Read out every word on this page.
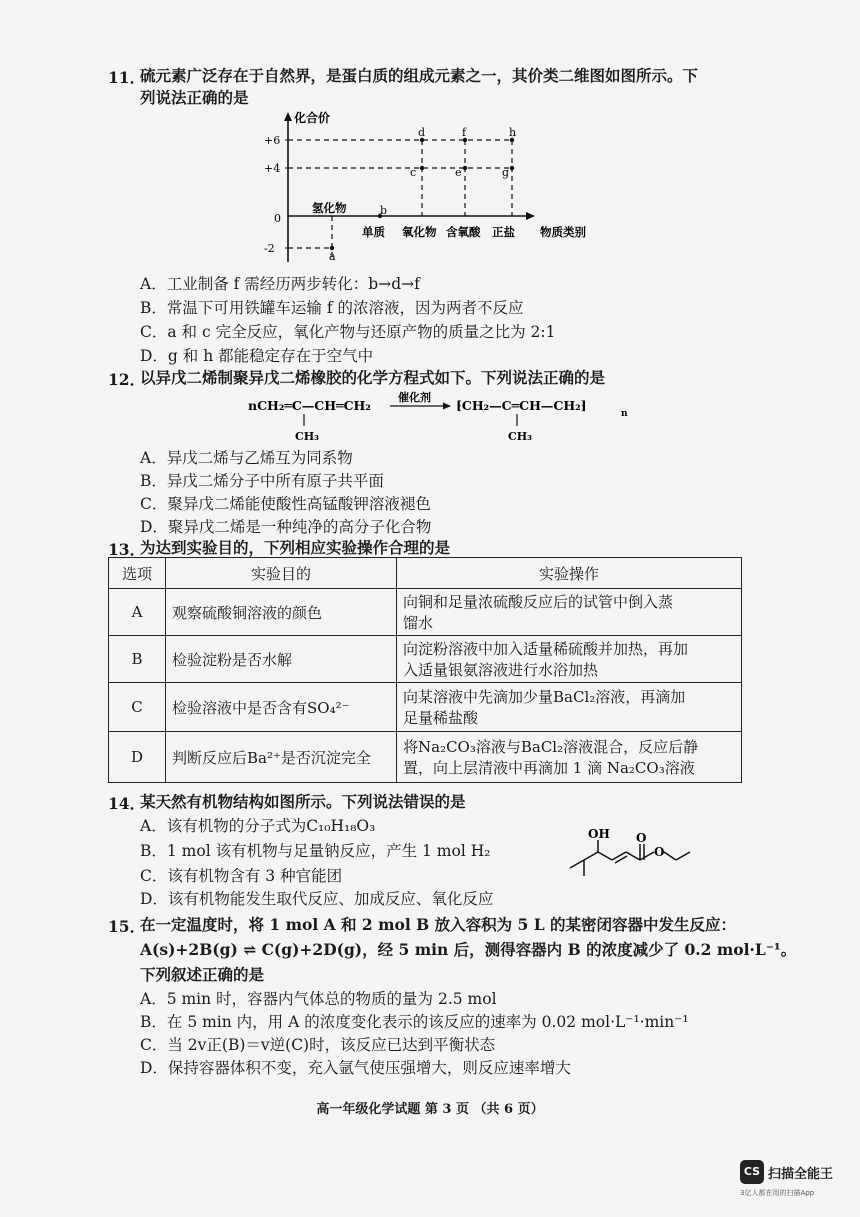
11．
硫元素广泛存在于自然界，是蛋白质的组成元素之一，其价类二维图如图所示。下
列说法正确的是
化合价
+6
+4
0
-2
a
b
c
d
e
f
g
h
氢化物
单质 氧化物 含氧酸 正盐 物质类别
A．工业制备 f 需经历两步转化：b→d→f
B．常温下可用铁罐车运输 f 的浓溶液，因为两者不反应
C．a 和 c 完全反应，氧化产物与还原产物的质量之比为 2:1
D．g 和 h 都能稳定存在于空气中
12．
以异戊二烯制聚异戊二烯橡胶的化学方程式如下。下列说法正确的是
nCH₂═C—CH═CH₂
催化剂
⁅CH₂—C═CH—CH₂⁆
n
CH₃	CH₃
A．异戊二烯与乙烯互为同系物
B．异戊二烯分子中所有原子共平面
C．聚异戊二烯能使酸性高锰酸钾溶液褪色
D．聚异戊二烯是一种纯净的高分子化合物
13．
为达到实验目的，下列相应实验操作合理的是
选项	实验目的	实验操作
A	观察硫酸铜溶液的颜色	向铜和足量浓硫酸反应后的试管中倒入蒸
馏水

B	检验淀粉是否水解	向淀粉溶液中加入适量稀硫酸并加热，再加
入适量银氨溶液进行水浴加热

C	检验溶液中是否含有SO₄²⁻	向某溶液中先滴加少量BaCl₂溶液，再滴加
足量稀盐酸

D	判断反应后Ba²⁺是否沉淀完全	将Na₂CO₃溶液与BaCl₂溶液混合，反应后静
置，向上层清液中再滴加 1 滴 Na₂CO₃溶液
14．
某天然有机物结构如图所示。下列说法错误的是
A．该有机物的分子式为C₁₀H₁₈O₃
B．1 mol 该有机物与足量钠反应，产生 1 mol H₂
C．该有机物含有 3 种官能团
D．该有机物能发生取代反应、加成反应、氧化反应
OH O
O
15．
在一定温度时，将 1 mol A 和 2 mol B 放入容积为 5 L 的某密闭容器中发生反应：
A(s)+2B(g) ⇌ C(g)+2D(g)，经 5 min 后，测得容器内 B 的浓度减少了 0.2 mol·L⁻¹。
下列叙述正确的是
A．5 min 时，容器内气体总的物质的量为 2.5 mol
B．在 5 min 内，用 A 的浓度变化表示的该反应的速率为 0.02 mol·L⁻¹·min⁻¹
C．当 2v正(B)＝v逆(C)时，该反应已达到平衡状态
D．保持容器体积不变，充入氩气使压强增大，则反应速率增大
高一年级化学试题 第 3 页 （共 6 页）
CS 扫描全能王
3亿人都在用的扫描App
